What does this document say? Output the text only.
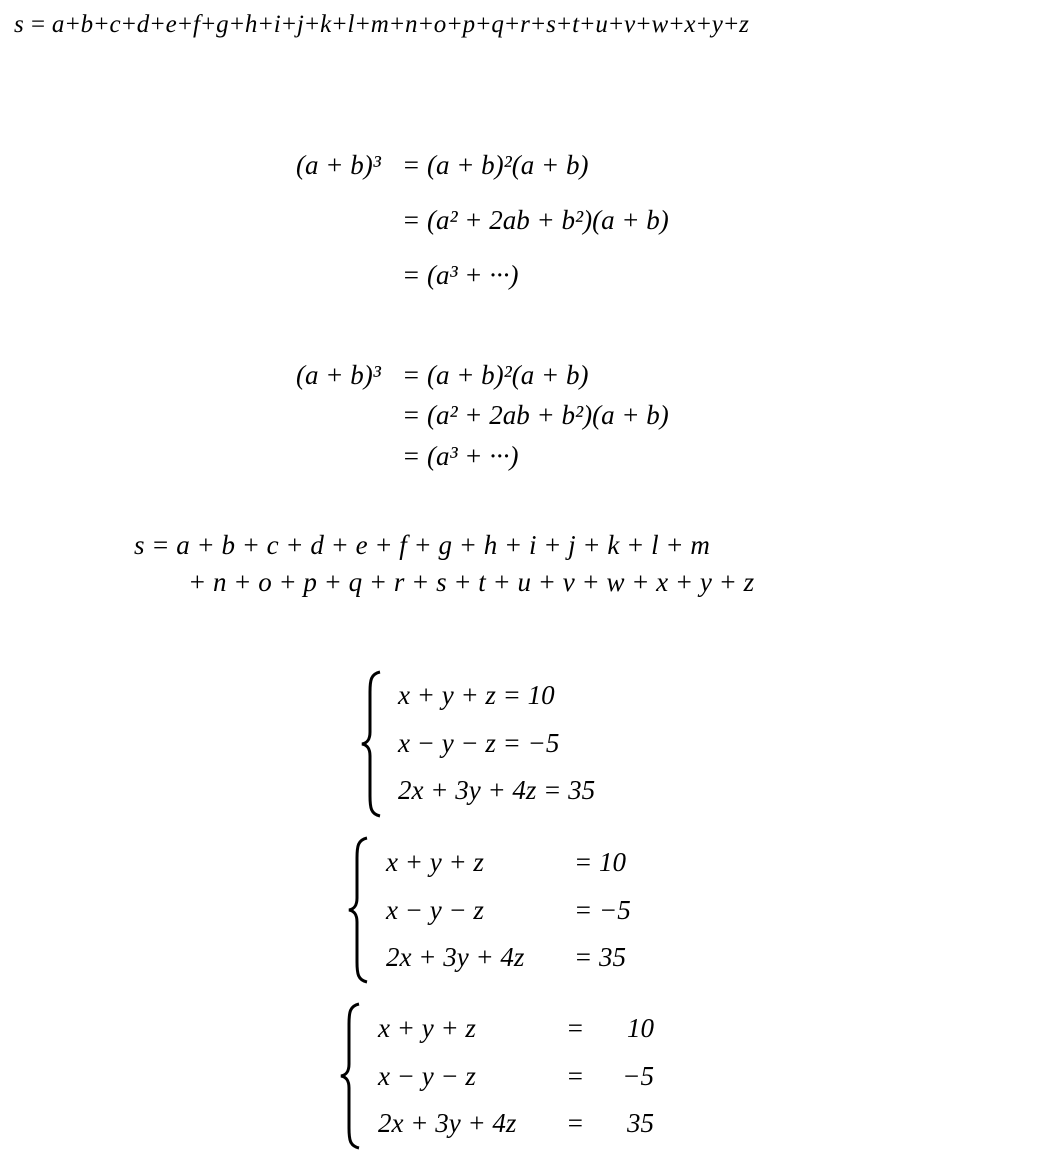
s = a+b+c+d+e+f+g+h+i+j+k+l+m+n+o+p+q+r+s+t+u+v+w+x+y+z
(a + b)³ = (a + b)²(a + b)
= (a² + 2ab + b²)(a + b)
= (a³ + ···)
(a + b)³ = (a + b)²(a + b)
= (a² + 2ab + b²)(a + b)
= (a³ + ···)
s = a + b + c + d + e + f + g + h + i + j + k + l + m
+ n + o + p + q + r + s + t + u + v + w + x + y + z
x + y + z = 10
x − y − z = −5
2x + 3y + 4z = 35
x + y + z
x − y − z
2x + 3y + 4z
= 10
= −5
= 35
x + y + z
x − y − z
2x + 3y + 4z
=
=
=
10
−5
35
